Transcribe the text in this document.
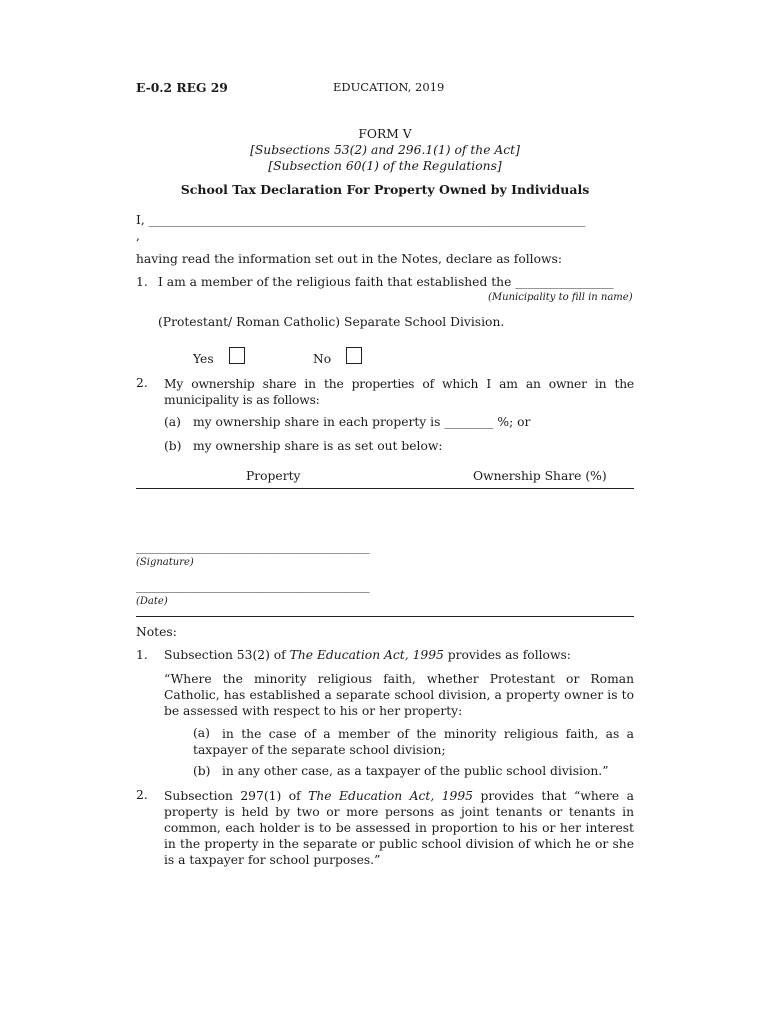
E-0.2 REG 29	EDUCATION, 2019
FORM V
[Subsections 53(2) and 296.1(1) of the Act]
[Subsection 60(1) of the Regulations]
School Tax Declaration For Property Owned by Individuals
I, _______________________________________________________________________
,
having read the information set out in the Notes, declare as follows:
1. I am a member of the religious faith that established the ________________
(Municipality to fill in name)
(Protestant/ Roman Catholic) Separate School Division.
Yes	No
2. My ownership share in the properties of which I am an owner in the municipality is as follows:
(a) my ownership share in each property is ________ %; or
(b) my ownership share is as set out below:
Property	Ownership Share (%)
______________________________________
(Signature)
______________________________________
(Date)
Notes:
1. Subsection 53(2) of The Education Act, 1995 provides as follows:
“Where the minority religious faith, whether Protestant or Roman Catholic, has established a separate school division, a property owner is to be assessed with respect to his or her property:
(a) in the case of a member of the minority religious faith, as a taxpayer of the separate school division;
(b) in any other case, as a taxpayer of the public school division.”
2. Subsection 297(1) of The Education Act, 1995 provides that “where a property is held by two or more persons as joint tenants or tenants in common, each holder is to be assessed in proportion to his or her interest in the property in the separate or public school division of which he or she is a taxpayer for school purposes.”
